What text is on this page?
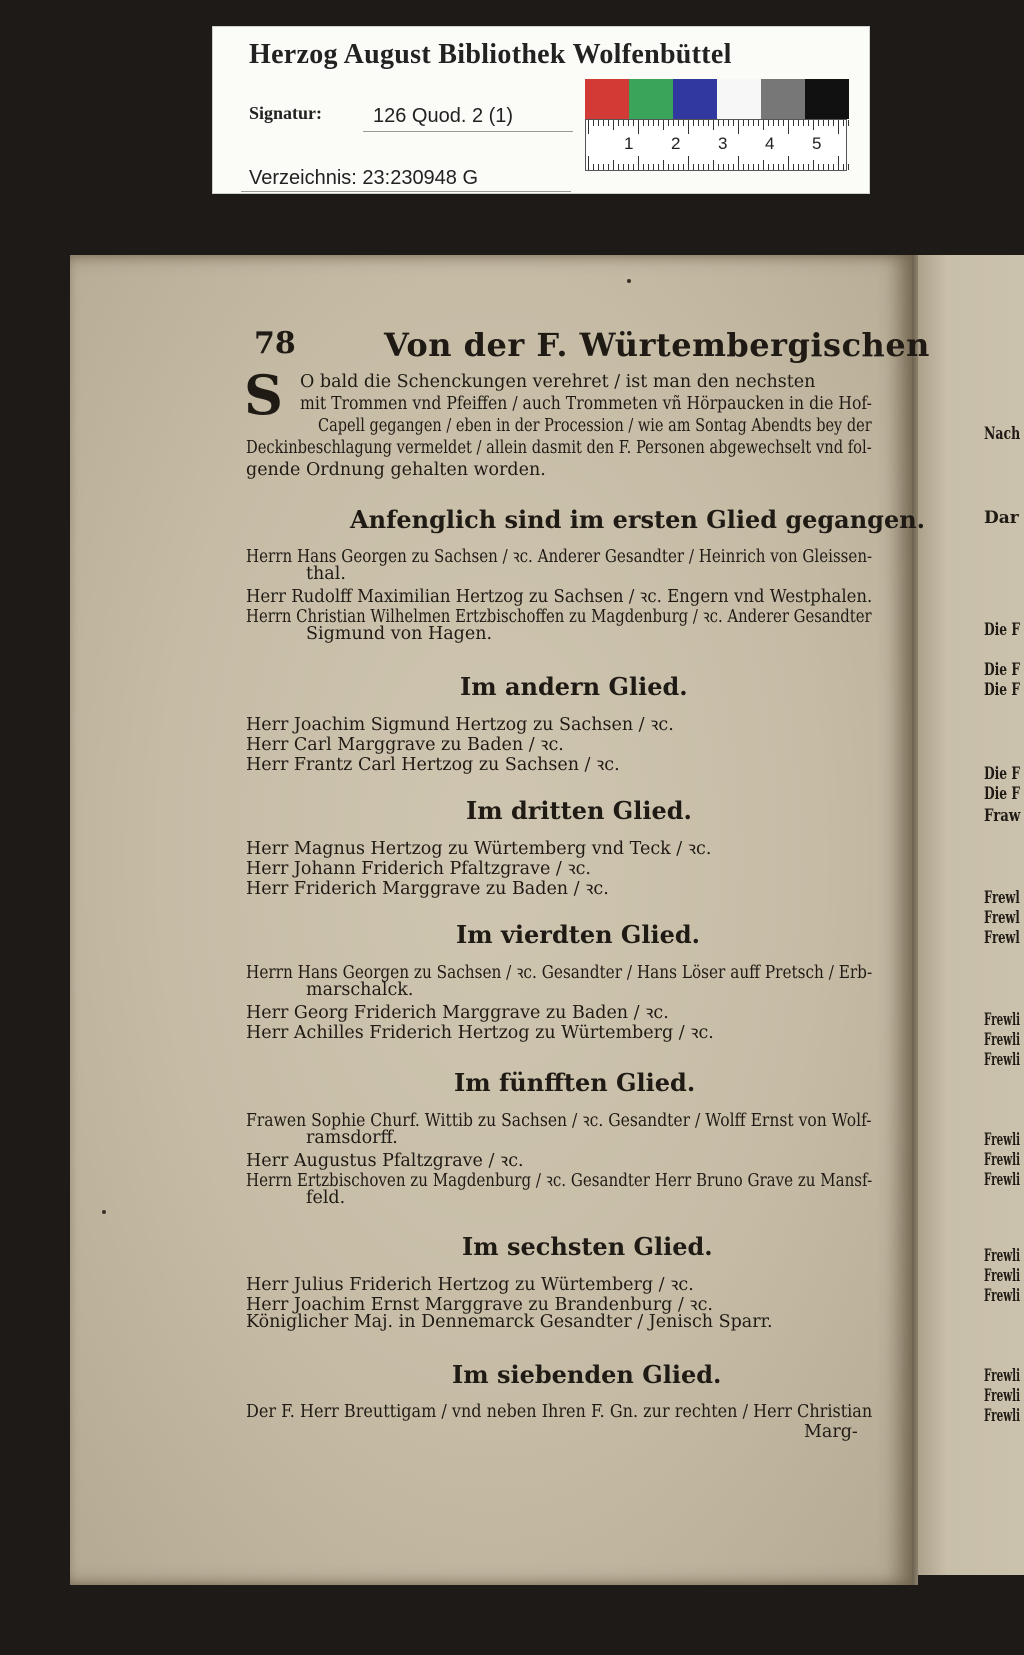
Herzog August Bibliothek Wolfenbüttel
Signatur:	126 Quod. 2 (1)
Verzeichnis: 23:230948 G
1 2 3 4 5
78	Von der F. Würtembergischen
S O bald die Schenckungen verehret / ist man den nechsten
mit Trommen vnd Pfeiffen / auch Trommeten vñ Hörpaucken in die Hof-
Capell gegangen / eben in der Procession / wie am Sontag Abendts bey der
Deckinbeschlagung vermeldet / allein dasmit den F. Personen abgewechselt vnd fol-
gende Ordnung gehalten worden.
Anfenglich sind im ersten Glied gegangen.
Herrn Hans Georgen zu Sachsen / ꝛc. Anderer Gesandter / Heinrich von Gleissen-
thal.
Herr Rudolff Maximilian Hertzog zu Sachsen / ꝛc. Engern vnd Westphalen.
Herrn Christian Wilhelmen Ertzbischoffen zu Magdenburg / ꝛc. Anderer Gesandter
Sigmund von Hagen.
Im andern Glied.
Herr Joachim Sigmund Hertzog zu Sachsen / ꝛc.
Herr Carl Marggrave zu Baden / ꝛc.
Herr Frantz Carl Hertzog zu Sachsen / ꝛc.
Im dritten Glied.
Herr Magnus Hertzog zu Würtemberg vnd Teck / ꝛc.
Herr Johann Friderich Pfaltzgrave / ꝛc.
Herr Friderich Marggrave zu Baden / ꝛc.
Im vierdten Glied.
Herrn Hans Georgen zu Sachsen / ꝛc. Gesandter / Hans Löser auff Pretsch / Erb-
marschalck.
Herr Georg Friderich Marggrave zu Baden / ꝛc.
Herr Achilles Friderich Hertzog zu Würtemberg / ꝛc.
Im fünfften Glied.
Frawen Sophie Churf. Wittib zu Sachsen / ꝛc. Gesandter / Wolff Ernst von Wolf-
ramsdorff.
Herr Augustus Pfaltzgrave / ꝛc.
Herrn Ertzbischoven zu Magdenburg / ꝛc. Gesandter Herr Bruno Grave zu Mansf-
feld.
Im sechsten Glied.
Herr Julius Friderich Hertzog zu Würtemberg / ꝛc.
Herr Joachim Ernst Marggrave zu Brandenburg / ꝛc.
Königlicher Maj. in Dennemarck Gesandter / Jenisch Sparr.
Im siebenden Glied.
Der F. Herr Breuttigam / vnd neben Ihren F. Gn. zur rechten / Herr Christian
Marg-
Nach
Dar
Die F
Die F
Die F
Die F
Die F
Fraw
Frewl
Frewl
Frewl
Frewli
Frewli
Frewli
Frewli
Frewli
Frewli
Frewli
Frewli
Frewli
Frewli
Frewli
Frewli
